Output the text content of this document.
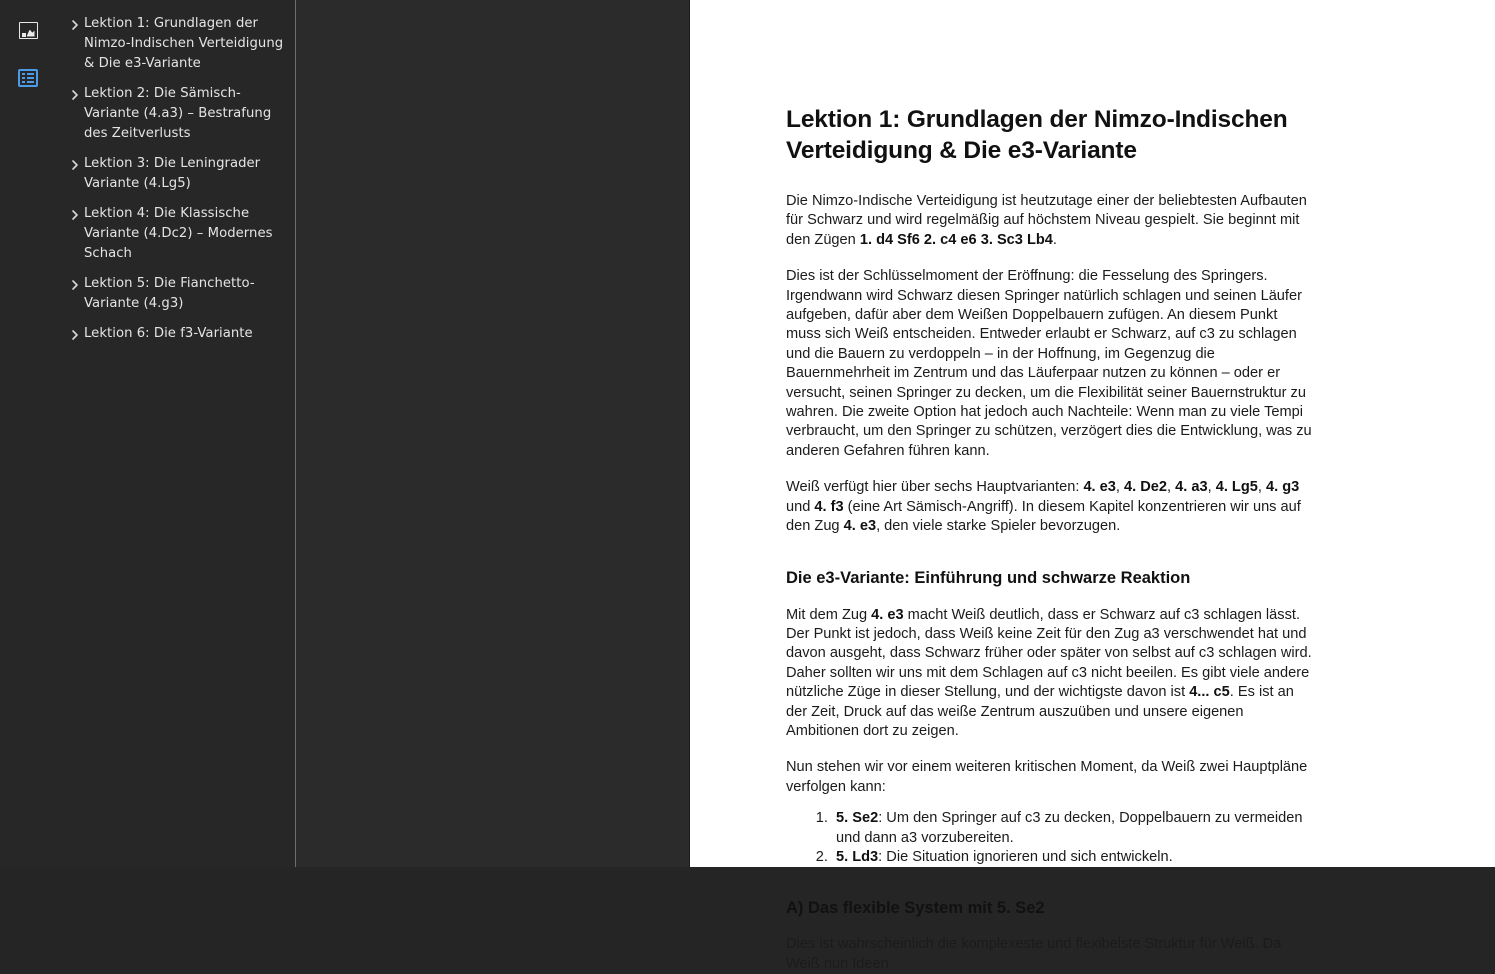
Lektion 1: Grundlagen der Nimzo-Indischen Verteidigung & Die e3-Variante
Lektion 2: Die Sämisch-Variante (4.a3) – Bestrafung des Zeitverlusts
Lektion 3: Die Leningrader Variante (4.Lg5)
Lektion 4: Die Klassische Variante (4.Dc2) – Modernes Schach
Lektion 5: Die Fianchetto-Variante (4.g3)
Lektion 6: Die f3-Variante
Lektion 1: Grundlagen der Nimzo-Indischen Verteidigung & Die e3-Variante

Die Nimzo-Indische Verteidigung ist heutzutage einer der beliebtesten Aufbauten für Schwarz und wird regelmäßig auf höchstem Niveau gespielt. Sie beginnt mit den Zügen 1. d4 Sf6 2. c4 e6 3. Sc3 Lb4.

Dies ist der Schlüsselmoment der Eröffnung: die Fesselung des Springers. Irgendwann wird Schwarz diesen Springer natürlich schlagen und seinen Läufer aufgeben, dafür aber dem Weißen Doppelbauern zufügen. An diesem Punkt muss sich Weiß entscheiden. Entweder erlaubt er Schwarz, auf c3 zu schlagen und die Bauern zu verdoppeln – in der Hoffnung, im Gegenzug die Bauernmehrheit im Zentrum und das Läuferpaar nutzen zu können – oder er versucht, seinen Springer zu decken, um die Flexibilität seiner Bauernstruktur zu wahren. Die zweite Option hat jedoch auch Nachteile: Wenn man zu viele Tempi verbraucht, um den Springer zu schützen, verzögert dies die Entwicklung, was zu anderen Gefahren führen kann.

Weiß verfügt hier über sechs Hauptvarianten: 4. e3, 4. De2, 4. a3, 4. Lg5, 4. g3 und 4. f3 (eine Art Sämisch-Angriff). In diesem Kapitel konzentrieren wir uns auf den Zug 4. e3, den viele starke Spieler bevorzugen.

Die e3-Variante: Einführung und schwarze Reaktion

Mit dem Zug 4. e3 macht Weiß deutlich, dass er Schwarz auf c3 schlagen lässt. Der Punkt ist jedoch, dass Weiß keine Zeit für den Zug a3 verschwendet hat und davon ausgeht, dass Schwarz früher oder später von selbst auf c3 schlagen wird. Daher sollten wir uns mit dem Schlagen auf c3 nicht beeilen. Es gibt viele andere nützliche Züge in dieser Stellung, und der wichtigste davon ist 4... c5. Es ist an der Zeit, Druck auf das weiße Zentrum auszuüben und unsere eigenen Ambitionen dort zu zeigen.

Nun stehen wir vor einem weiteren kritischen Moment, da Weiß zwei Hauptpläne verfolgen kann:

1. 5. Se2: Um den Springer auf c3 zu decken, Doppelbauern zu vermeiden und dann a3 vorzubereiten.
2. 5. Ld3: Die Situation ignorieren und sich entwickeln.
A) Das flexible System mit 5. Se2

Dies ist wahrscheinlich die komplexeste und flexibelste Struktur für Weiß. Da Weiß nun Ideen
